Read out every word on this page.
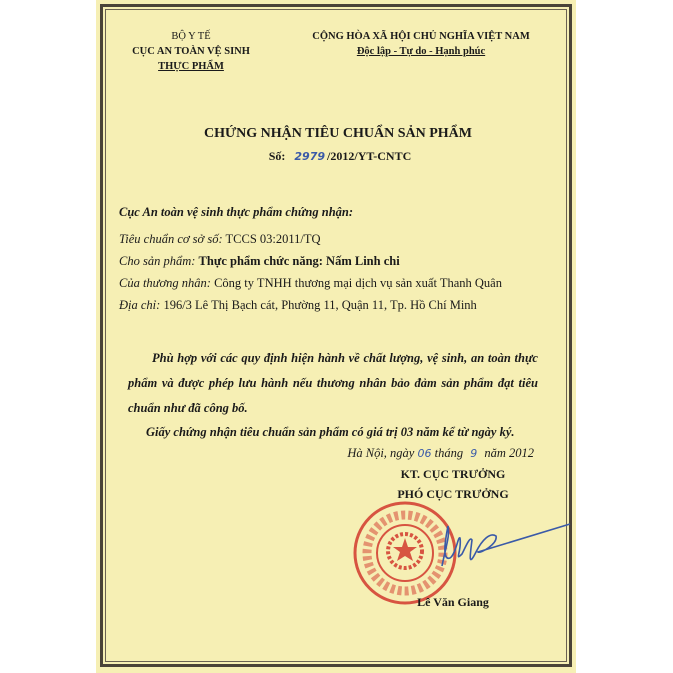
BỘ Y TẾ
CỤC AN TOÀN VỆ SINH
THỰC PHẨM
CỘNG HÒA XÃ HỘI CHỦ NGHĨA VIỆT NAM
Độc lập - Tự do - Hạnh phúc
CHỨNG NHẬN TIÊU CHUẨN SẢN PHẨM
Số: 2979 /2012/YT-CNTC
Cục An toàn vệ sinh thực phẩm chứng nhận:
Tiêu chuẩn cơ sở số: TCCS 03:2011/TQ
Cho sản phẩm: Thực phẩm chức năng: Nấm Linh chi
Của thương nhân: Công ty TNHH thương mại dịch vụ sản xuất Thanh Quân
Địa chỉ: 196/3 Lê Thị Bạch cát, Phường 11, Quận 11, Tp. Hồ Chí Minh

Phù hợp với các quy định hiện hành về chất lượng, vệ sinh, an toàn thực phẩm và được phép lưu hành nếu thương nhân bảo đảm sản phẩm đạt tiêu chuẩn như đã công bố.

Giấy chứng nhận tiêu chuẩn sản phẩm có giá trị 03 năm kể từ ngày ký.
Hà Nội, ngày 06 tháng 9 năm 2012
KT. CỤC TRƯỞNG
PHÓ CỤC TRƯỞNG
Lê Văn Giang
